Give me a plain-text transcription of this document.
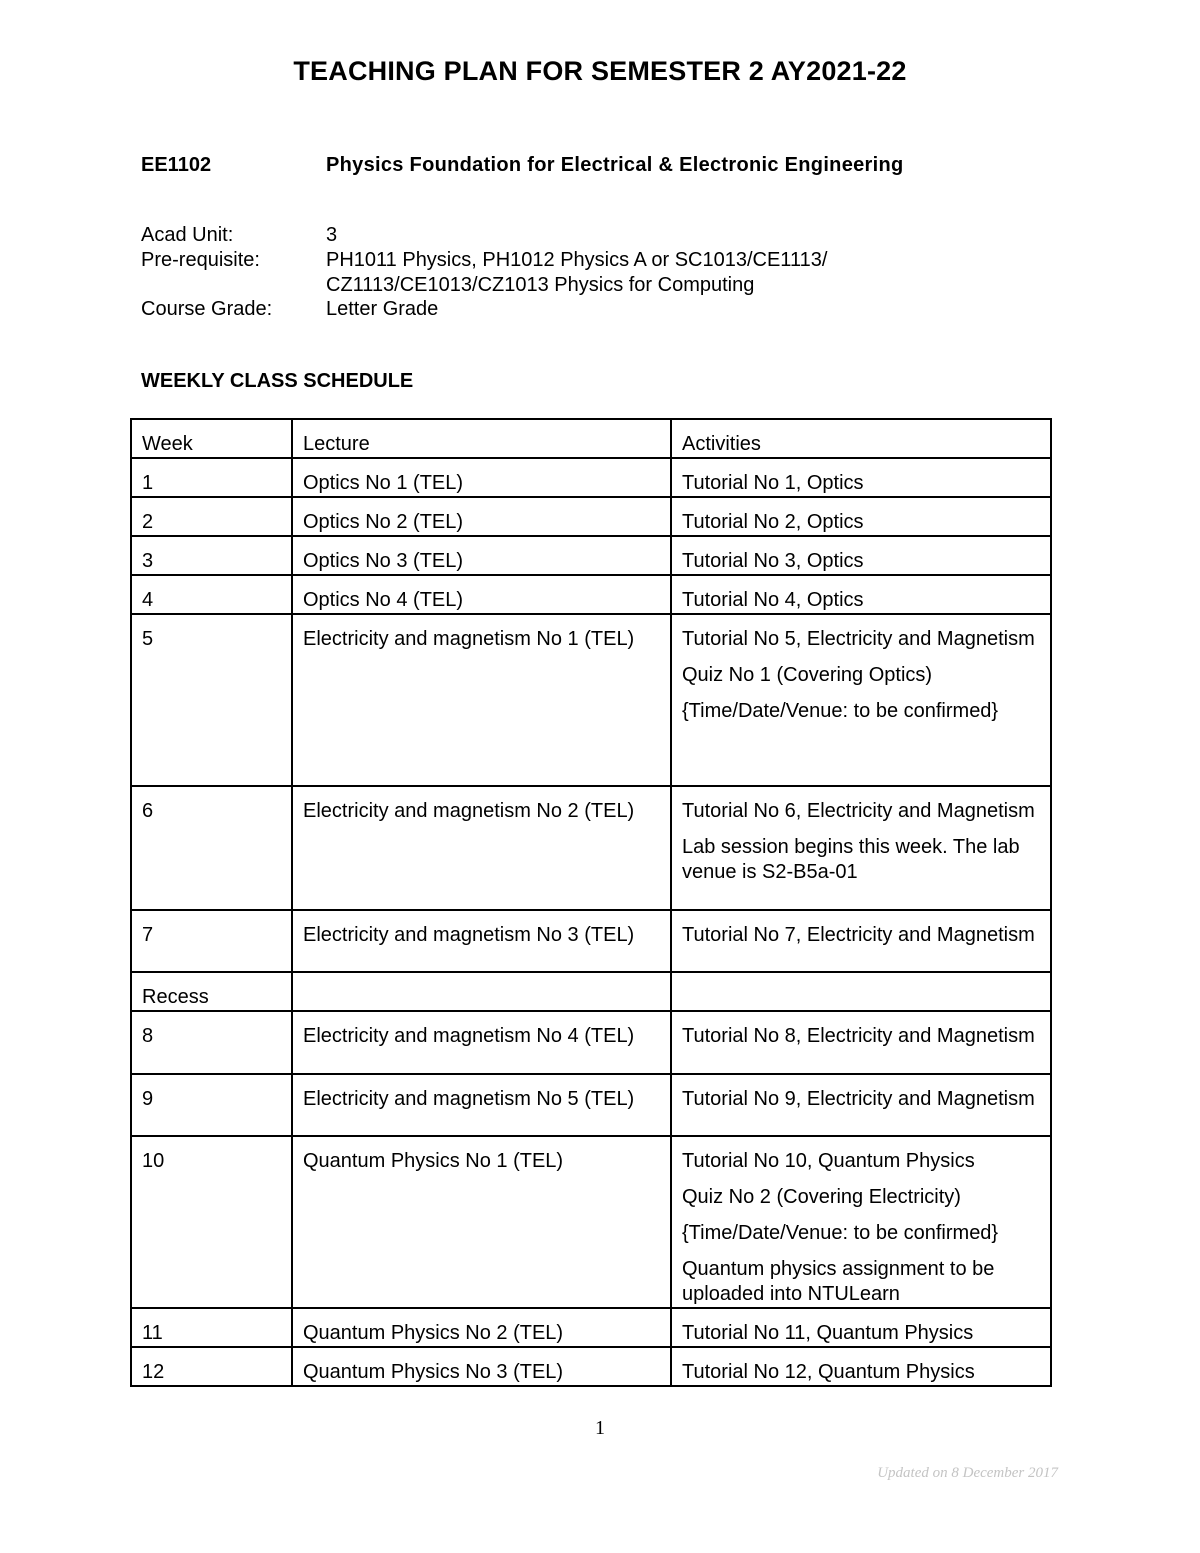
TEACHING PLAN FOR SEMESTER 2 AY2021-22
EE1102	Physics Foundation for Electrical & Electronic Engineering
Acad Unit:	3
Pre-requisite:	PH1011 Physics, PH1012 Physics A or SC1013/CE1113/
CZ1113/CE1013/CZ1013 Physics for Computing
Course Grade:	Letter Grade
WEEKLY CLASS SCHEDULE
Week	Lecture	Activities
1	Optics No 1 (TEL)	Tutorial No 1, Optics

2	Optics No 2 (TEL)	Tutorial No 2, Optics

3	Optics No 3 (TEL)	Tutorial No 3, Optics

4	Optics No 4 (TEL)	Tutorial No 4, Optics

5	Electricity and magnetism No 1 (TEL)	Tutorial No 5, Electricity and Magnetism
Quiz No 1 (Covering Optics)
{Time/Date/Venue: to be confirmed}

6	Electricity and magnetism No 2 (TEL)	Tutorial No 6, Electricity and Magnetism
Lab session begins this week. The lab venue is S2-B5a-01

7	Electricity and magnetism No 3 (TEL)	Tutorial No 7, Electricity and Magnetism

Recess		
8	Electricity and magnetism No 4 (TEL)	Tutorial No 8, Electricity and Magnetism

9	Electricity and magnetism No 5 (TEL)	Tutorial No 9, Electricity and Magnetism

10	Quantum Physics No 1 (TEL)	Tutorial No 10, Quantum Physics
Quiz No 2 (Covering Electricity)
{Time/Date/Venue: to be confirmed}
Quantum physics assignment to be uploaded into NTULearn

11	Quantum Physics No 2 (TEL)	Tutorial No 11, Quantum Physics

12	Quantum Physics No 3 (TEL)	Tutorial No 12, Quantum Physics
1
Updated on 8 December 2017
